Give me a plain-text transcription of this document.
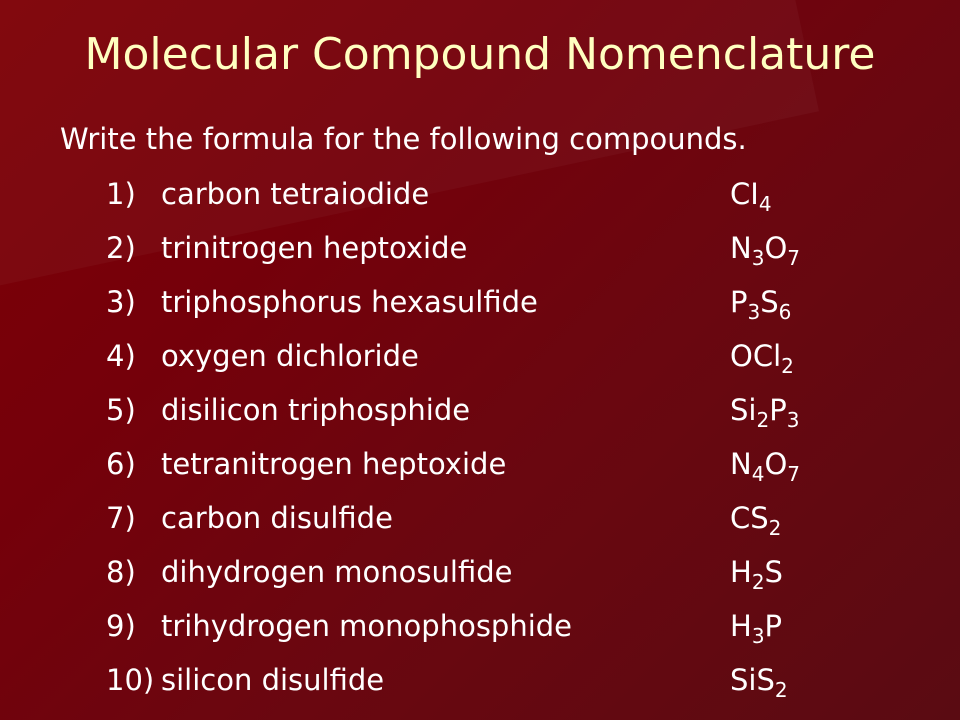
Molecular Compound Nomenclature
Write the formula for the following compounds.
1) carbon tetraiodide	$CI_4$
2) trinitrogen heptoxide	$N_3O_7$
3) triphosphorus hexasulfide	$P_3S_6$
4) oxygen dichloride	OCl$_2$
5) disilicon triphosphide	$Si_2P_3$
6) tetranitrogen heptoxide	$N_4O_7$
7) carbon disulfide	$CS_2$
8) dihydrogen monosulfide	$H_2S$
9) trihydrogen monophosphide	$H_3P$
10) silicon disulfide	SiS$_2$
